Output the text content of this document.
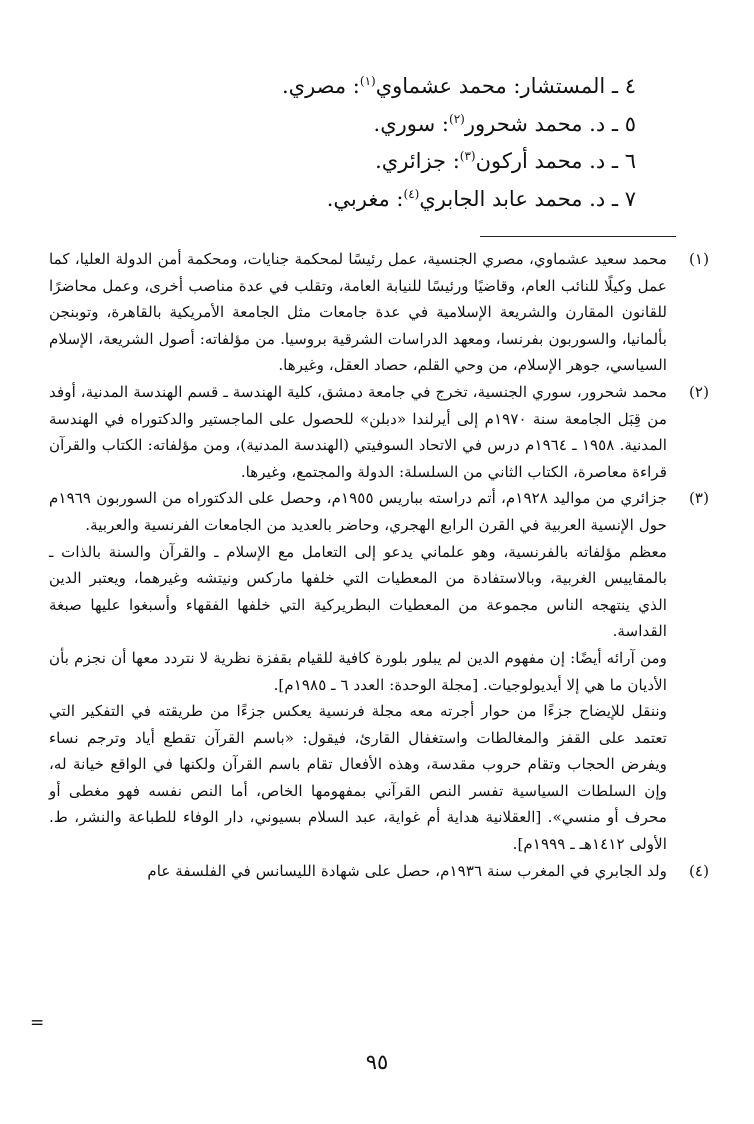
٤ ـ المستشار: محمد عشماوي$^{(١)}$: مصري.
٥ ـ د. محمد شحرور$^{(٢)}$: سوري.
٦ ـ د. محمد أركون$^{(٣)}$: جزائري.
٧ ـ د. محمد عابد الجابري$^{(٤)}$: مغربي.
(١)

محمد سعيد عشماوي، مصري الجنسية، عمل رئيسًا لمحكمة جنايات، ومحكمة أمن الدولة العليا، كما عمل وكيلًا للنائب العام، وقاضيًا ورئيسًا للنيابة العامة، وتقلب في عدة مناصب أخرى، وعمل محاضرًا للقانون المقارن والشريعة الإسلامية في عدة جامعات مثل الجامعة الأمريكية بالقاهرة، وتوبنجن بألمانيا، والسوربون بفرنسا، ومعهد الدراسات الشرقية بروسيا. من مؤلفاته: أصول الشريعة، الإسلام السياسي، جوهر الإسلام، من وحي القلم، حصاد العقل، وغيرها.

(٢)

محمد شحرور، سوري الجنسية، تخرج في جامعة دمشق، كلية الهندسة ـ قسم الهندسة المدنية، أوفد من قِبَل الجامعة سنة ١٩٧٠م إلى أيرلندا «دبلن» للحصول على الماجستير والدكتوراه في الهندسة المدنية. ١٩٥٨ ـ ١٩٦٤م درس في الاتحاد السوفيتي (الهندسة المدنية)، ومن مؤلفاته: الكتاب والقرآن قراءة معاصرة، الكتاب الثاني من السلسلة: الدولة والمجتمع، وغيرها.

(٣)

جزائري من مواليد ١٩٢٨م، أتم دراسته بباريس ١٩٥٥م، وحصل على الدكتوراه من السوربون ١٩٦٩م حول الإنسية العربية في القرن الرابع الهجري، وحاضر بالعديد من الجامعات الفرنسية والعربية.

معظم مؤلفاته بالفرنسية، وهو علماني يدعو إلى التعامل مع الإسلام ـ والقرآن والسنة بالذات ـ بالمقاييس الغربية، وبالاستفادة من المعطيات التي خلفها ماركس ونيتشه وغيرهما، ويعتبر الدين الذي ينتهجه الناس مجموعة من المعطيات البطريركية التي خلفها الفقهاء وأسبغوا عليها صبغة القداسة.

ومن آرائه أيضًا: إن مفهوم الدين لم يبلور بلورة كافية للقيام بقفزة نظرية لا نتردد معها أن نجزم بأن الأديان ما هي إلا أيديولوجيات. [مجلة الوحدة: العدد ٦ ـ ١٩٨٥م].

وننقل للإيضاح جزءًا من حوار أجرته معه مجلة فرنسية يعكس جزءًا من طريقته في التفكير التي تعتمد على القفز والمغالطات واستغفال القارئ، فيقول: «باسم القرآن تقطع أياد وترجم نساء ويفرض الحجاب وتقام حروب مقدسة، وهذه الأفعال تقام باسم القرآن ولكنها في الواقع خيانة له، وإن السلطات السياسية تفسر النص القرآني بمفهومها الخاص، أما النص نفسه فهو مغطى أو محرف أو منسي». [العقلانية هداية أم غواية، عبد السلام بسيوني، دار الوفاء للطباعة والنشر، ط. الأولى ١٤١٢هـ ـ ١٩٩٩م].

(٤)

ولد الجابري في المغرب سنة ١٩٣٦م، حصل على شهادة الليسانس في الفلسفة عام

=
٩٥
